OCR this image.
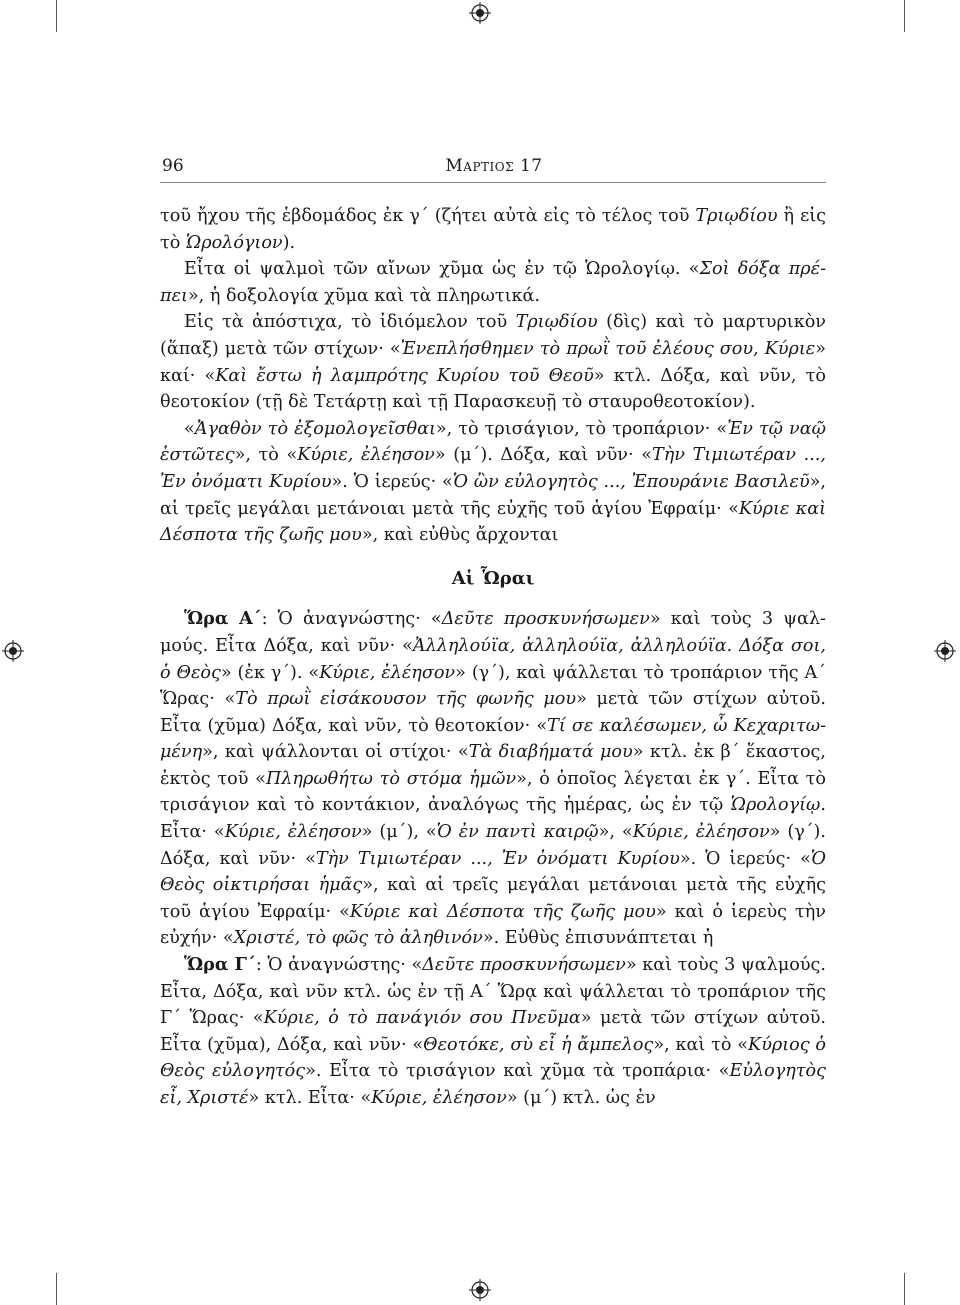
96	Μαρτιος 17

τοῦ ἤχου τῆς ἑβδομάδος ἐκ γ΄ (ζήτει αὐτὰ εἰς τὸ τέλος τοῦ Τριῳδίου ἢ εἰς τὸ Ὡρολόγιον).

Εἶτα οἱ ψαλμοὶ τῶν αἴνων χῦμα ὡς ἐν τῷ Ὡρολογίῳ. «Σοὶ δόξα πρέπει», ἡ δοξολογία χῦμα καὶ τὰ πληρωτικά.

Εἰς τὰ ἀπόστιχα, τὸ ἰδιόμελον τοῦ Τριῳδίου (δὶς) καὶ τὸ μαρτυρικὸν (ἅπαξ) μετὰ τῶν στίχων· «Ἐνεπλήσθημεν τὸ πρωῒ τοῦ ἐλέους σου, Κύριε» καί· «Καὶ ἔστω ἡ λαμπρότης Κυρίου τοῦ Θεοῦ» κτλ. Δόξα, καὶ νῦν, τὸ θεοτοκίον (τῇ δὲ Τετάρτῃ καὶ τῇ Παρασκευῇ τὸ σταυροθεοτοκίον).

«Ἀγαθὸν τὸ ἐξομολογεῖσθαι», τὸ τρισάγιον, τὸ τροπάριον· «Ἐν τῷ ναῷ ἑστῶτες», τὸ «Κύριε, ἐλέησον» (μ΄). Δόξα, καὶ νῦν· «Τὴν Τιμιωτέραν ..., Ἐν ὀνόματι Κυρίου». Ὁ ἱερεύς· «Ὁ ὢν εὐλογητὸς ..., Ἐπουράνιε Βασιλεῦ», αἱ τρεῖς μεγάλαι μετάνοιαι μετὰ τῆς εὐχῆς τοῦ ἁγίου Ἐφραίμ· «Κύριε καὶ Δέσποτα τῆς ζωῆς μου», καὶ εὐθὺς ἄρχονται

Αἱ Ὧραι

Ὥρα Α΄: Ὁ ἀναγνώστης· «Δεῦτε προσκυνήσωμεν» καὶ τοὺς 3 ψαλμούς. Εἶτα Δόξα, καὶ νῦν· «Ἀλληλούϊα, ἀλληλούϊα, ἀλληλούϊα. Δόξα σοι, ὁ Θεὸς» (ἐκ γ΄). «Κύριε, ἐλέησον» (γ΄), καὶ ψάλλεται τὸ τροπάριον τῆς Α΄ Ὥρας· «Τὸ πρωῒ εἰσάκουσον τῆς φωνῆς μου» μετὰ τῶν στίχων αὐτοῦ. Εἶτα (χῦμα) Δόξα, καὶ νῦν, τὸ θεοτοκίον· «Τί σε καλέσωμεν, ὦ Κεχαριτωμένη», καὶ ψάλλονται οἱ στίχοι· «Τὰ διαβήματά μου» κτλ. ἐκ β΄ ἕκαστος, ἐκτὸς τοῦ «Πληρωθήτω τὸ στόμα ἡμῶν», ὁ ὁποῖος λέγεται ἐκ γ΄. Εἶτα τὸ τρισάγιον καὶ τὸ κοντάκιον, ἀναλόγως τῆς ἡμέρας, ὡς ἐν τῷ Ὡρολογίῳ. Εἶτα· «Κύριε, ἐλέησον» (μ΄), «Ὁ ἐν παντὶ καιρῷ», «Κύριε, ἐλέησον» (γ΄). Δόξα, καὶ νῦν· «Τὴν Τιμιωτέραν ..., Ἐν ὀνόματι Κυρίου». Ὁ ἱερεύς· «Ὁ Θεὸς οἰκτιρήσαι ἡμᾶς», καὶ αἱ τρεῖς μεγάλαι μετάνοιαι μετὰ τῆς εὐχῆς τοῦ ἁγίου Ἐφραίμ· «Κύριε καὶ Δέσποτα τῆς ζωῆς μου» καὶ ὁ ἱερεὺς τὴν εὐχήν· «Χριστέ, τὸ φῶς τὸ ἀληθινόν». Εὐθὺς ἐπισυνάπτεται ἡ

Ὥρα Γ΄: Ὁ ἀναγνώστης· «Δεῦτε προσκυνήσωμεν» καὶ τοὺς 3 ψαλμούς. Εἶτα, Δόξα, καὶ νῦν κτλ. ὡς ἐν τῇ Α΄ Ὥρᾳ καὶ ψάλλεται τὸ τροπάριον τῆς Γ΄ Ὥρας· «Κύριε, ὁ τὸ πανάγιόν σου Πνεῦμα» μετὰ τῶν στίχων αὐτοῦ. Εἶτα (χῦμα), Δόξα, καὶ νῦν· «Θεοτόκε, σὺ εἶ ἡ ἄμπελος», καὶ τὸ «Κύριος ὁ Θεὸς εὐλογητός». Εἶτα τὸ τρισάγιον καὶ χῦμα τὰ τροπάρια· «Εὐλογητὸς εἶ, Χριστέ» κτλ. Εἶτα· «Κύριε, ἐλέησον» (μ΄) κτλ. ὡς ἐν
